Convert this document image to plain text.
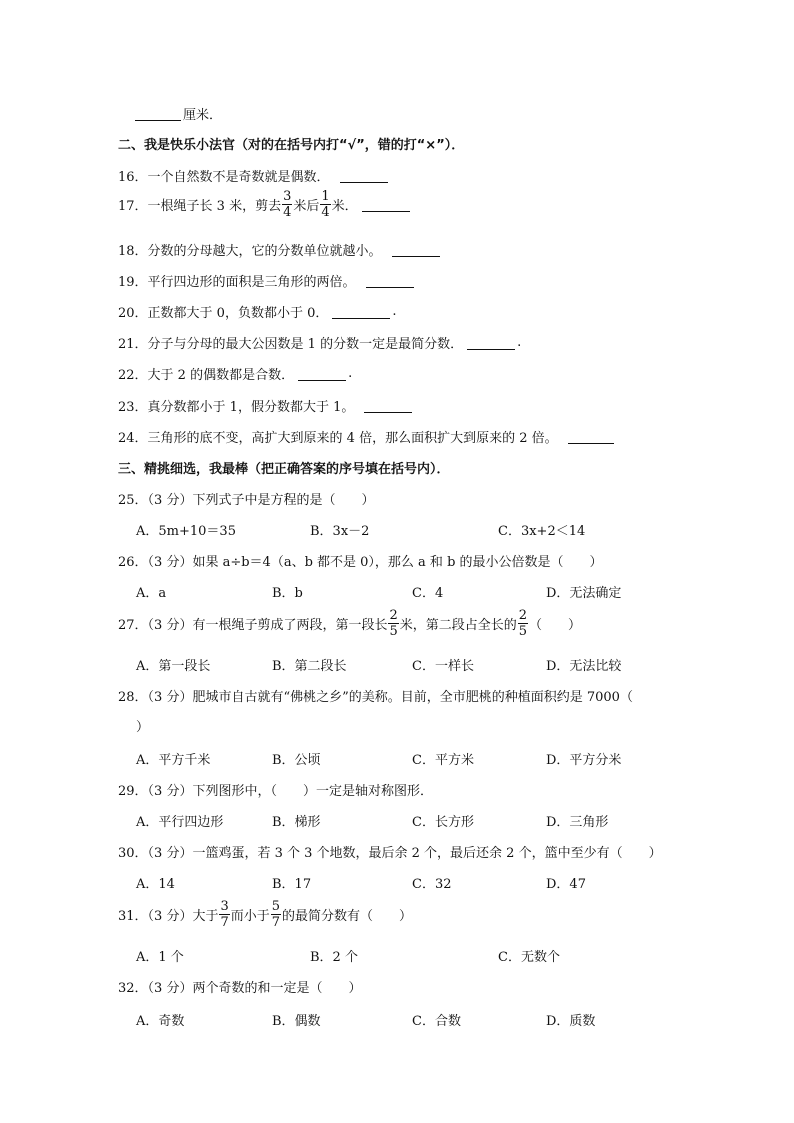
厘米．
二、我是快乐小法官（对的在括号内打“√”，错的打“×”）．
16．一个自然数不是奇数就是偶数．
17．一根绳子长 3 米，剪去 $\frac{3}{4}$ 米后 $\frac{1}{4}$ 米．
18．分数的分母越大，它的分数单位就越小。
19．平行四边形的面积是三角形的两倍。
20．正数都大于 0，负数都小于 0．	.
21．分子与分母的最大公因数是 1 的分数一定是最简分数．	.
22．大于 2 的偶数都是合数．	.
23．真分数都小于 1，假分数都大于 1。
24．三角形的底不变，高扩大到原来的 4 倍，那么面积扩大到原来的 2 倍。
三、精挑细选，我最棒（把正确答案的序号填在括号内）．
25．（3 分）下列式子中是方程的是（　　）
A．5m+10＝35	B．3x－2	C．3x+2＜14
26．（3 分）如果 a÷b＝4（a、b 都不是 0），那么 a 和 b 的最小公倍数是（　　）
A．a	B．b	C．4	D．无法确定
27．（3 分）有一根绳子剪成了两段，第一段长 $\frac{2}{5}$ 米，第二段占全长的 $\frac{2}{5}$ （　　）
A．第一段长	B．第二段长	C．一样长	D．无法比较
28．（3 分）肥城市自古就有“佛桃之乡”的美称。目前，全市肥桃的种植面积约是 7000（
）
A．平方千米	B．公顷	C．平方米	D．平方分米
29．（3 分）下列图形中，（　　）一定是轴对称图形．
A．平行四边形	B．梯形	C．长方形	D．三角形
30．（3 分）一篮鸡蛋，若 3 个 3 个地数，最后余 2 个，最后还余 2 个，篮中至少有（　　）
A．14	B．17	C．32	D．47
31．（3 分）大于 $\frac{3}{7}$ 而小于 $\frac{5}{7}$ 的最简分数有（　　）
A．1 个	B．2 个	C．无数个
32．（3 分）两个奇数的和一定是（　　）
A．奇数	B．偶数	C．合数	D．质数
